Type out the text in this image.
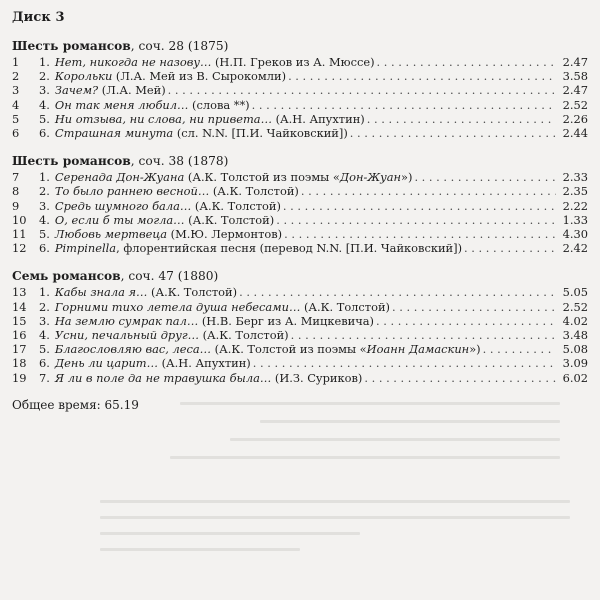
Диск 3
Шесть романсов, соч. 28 (1875)
1	1. Нет, никогда не назову… (Н.П. Греков из А. Мюссе) . . .	2.47
2	2. Корольки (Л.А. Мей из В. Сырокомли) . . .	3.58
3	3. Зачем? (Л.А. Мей) . . .	2.47
4	4. Он так меня любил… (слова **) . . .	2.52
5	5. Ни отзыва, ни слова, ни привета… (А.Н. Апухтин) . . .	2.26
6	6. Страшная минута (сл. N.N. [П.И. Чайковский]) . . .	2.44
Шесть романсов, соч. 38 (1878)
7	1. Серенада Дон-Жуана (А.К. Толстой из поэмы «Дон-Жуан») . . .	2.33
8	2. То было раннею весной… (А.К. Толстой) . . .	2.35
9	3. Средь шумного бала… (А.К. Толстой) . . .	2.22
10	4. О, если б ты могла… (А.К. Толстой) . . .	1.33
11	5. Любовь мертвеца (М.Ю. Лермонтов) . . .	4.30
12	6. Pimpinella, флорентийская песня (перевод N.N. [П.И. Чайковский]) . . .	2.42
Семь романсов, соч. 47 (1880)
13	1. Кабы знала я… (А.К. Толстой) . . .	5.05
14	2. Горними тихо летела душа небесами… (А.К. Толстой) . . .	2.52
15	3. На землю сумрак пал… (Н.В. Берг из А. Мицкевича) . . .	4.02
16	4. Усни, печальный друг… (А.К. Толстой) . . .	3.48
17	5. Благословляю вас, леса… (А.К. Толстой из поэмы «Иоанн Дамаскин») . . .	5.08
18	6. День ли царит… (А.Н. Апухтин) . . .	3.09
19	7. Я ли в поле да не травушка была… (И.З. Суриков) . . .	6.02
Общее время: 65.19
